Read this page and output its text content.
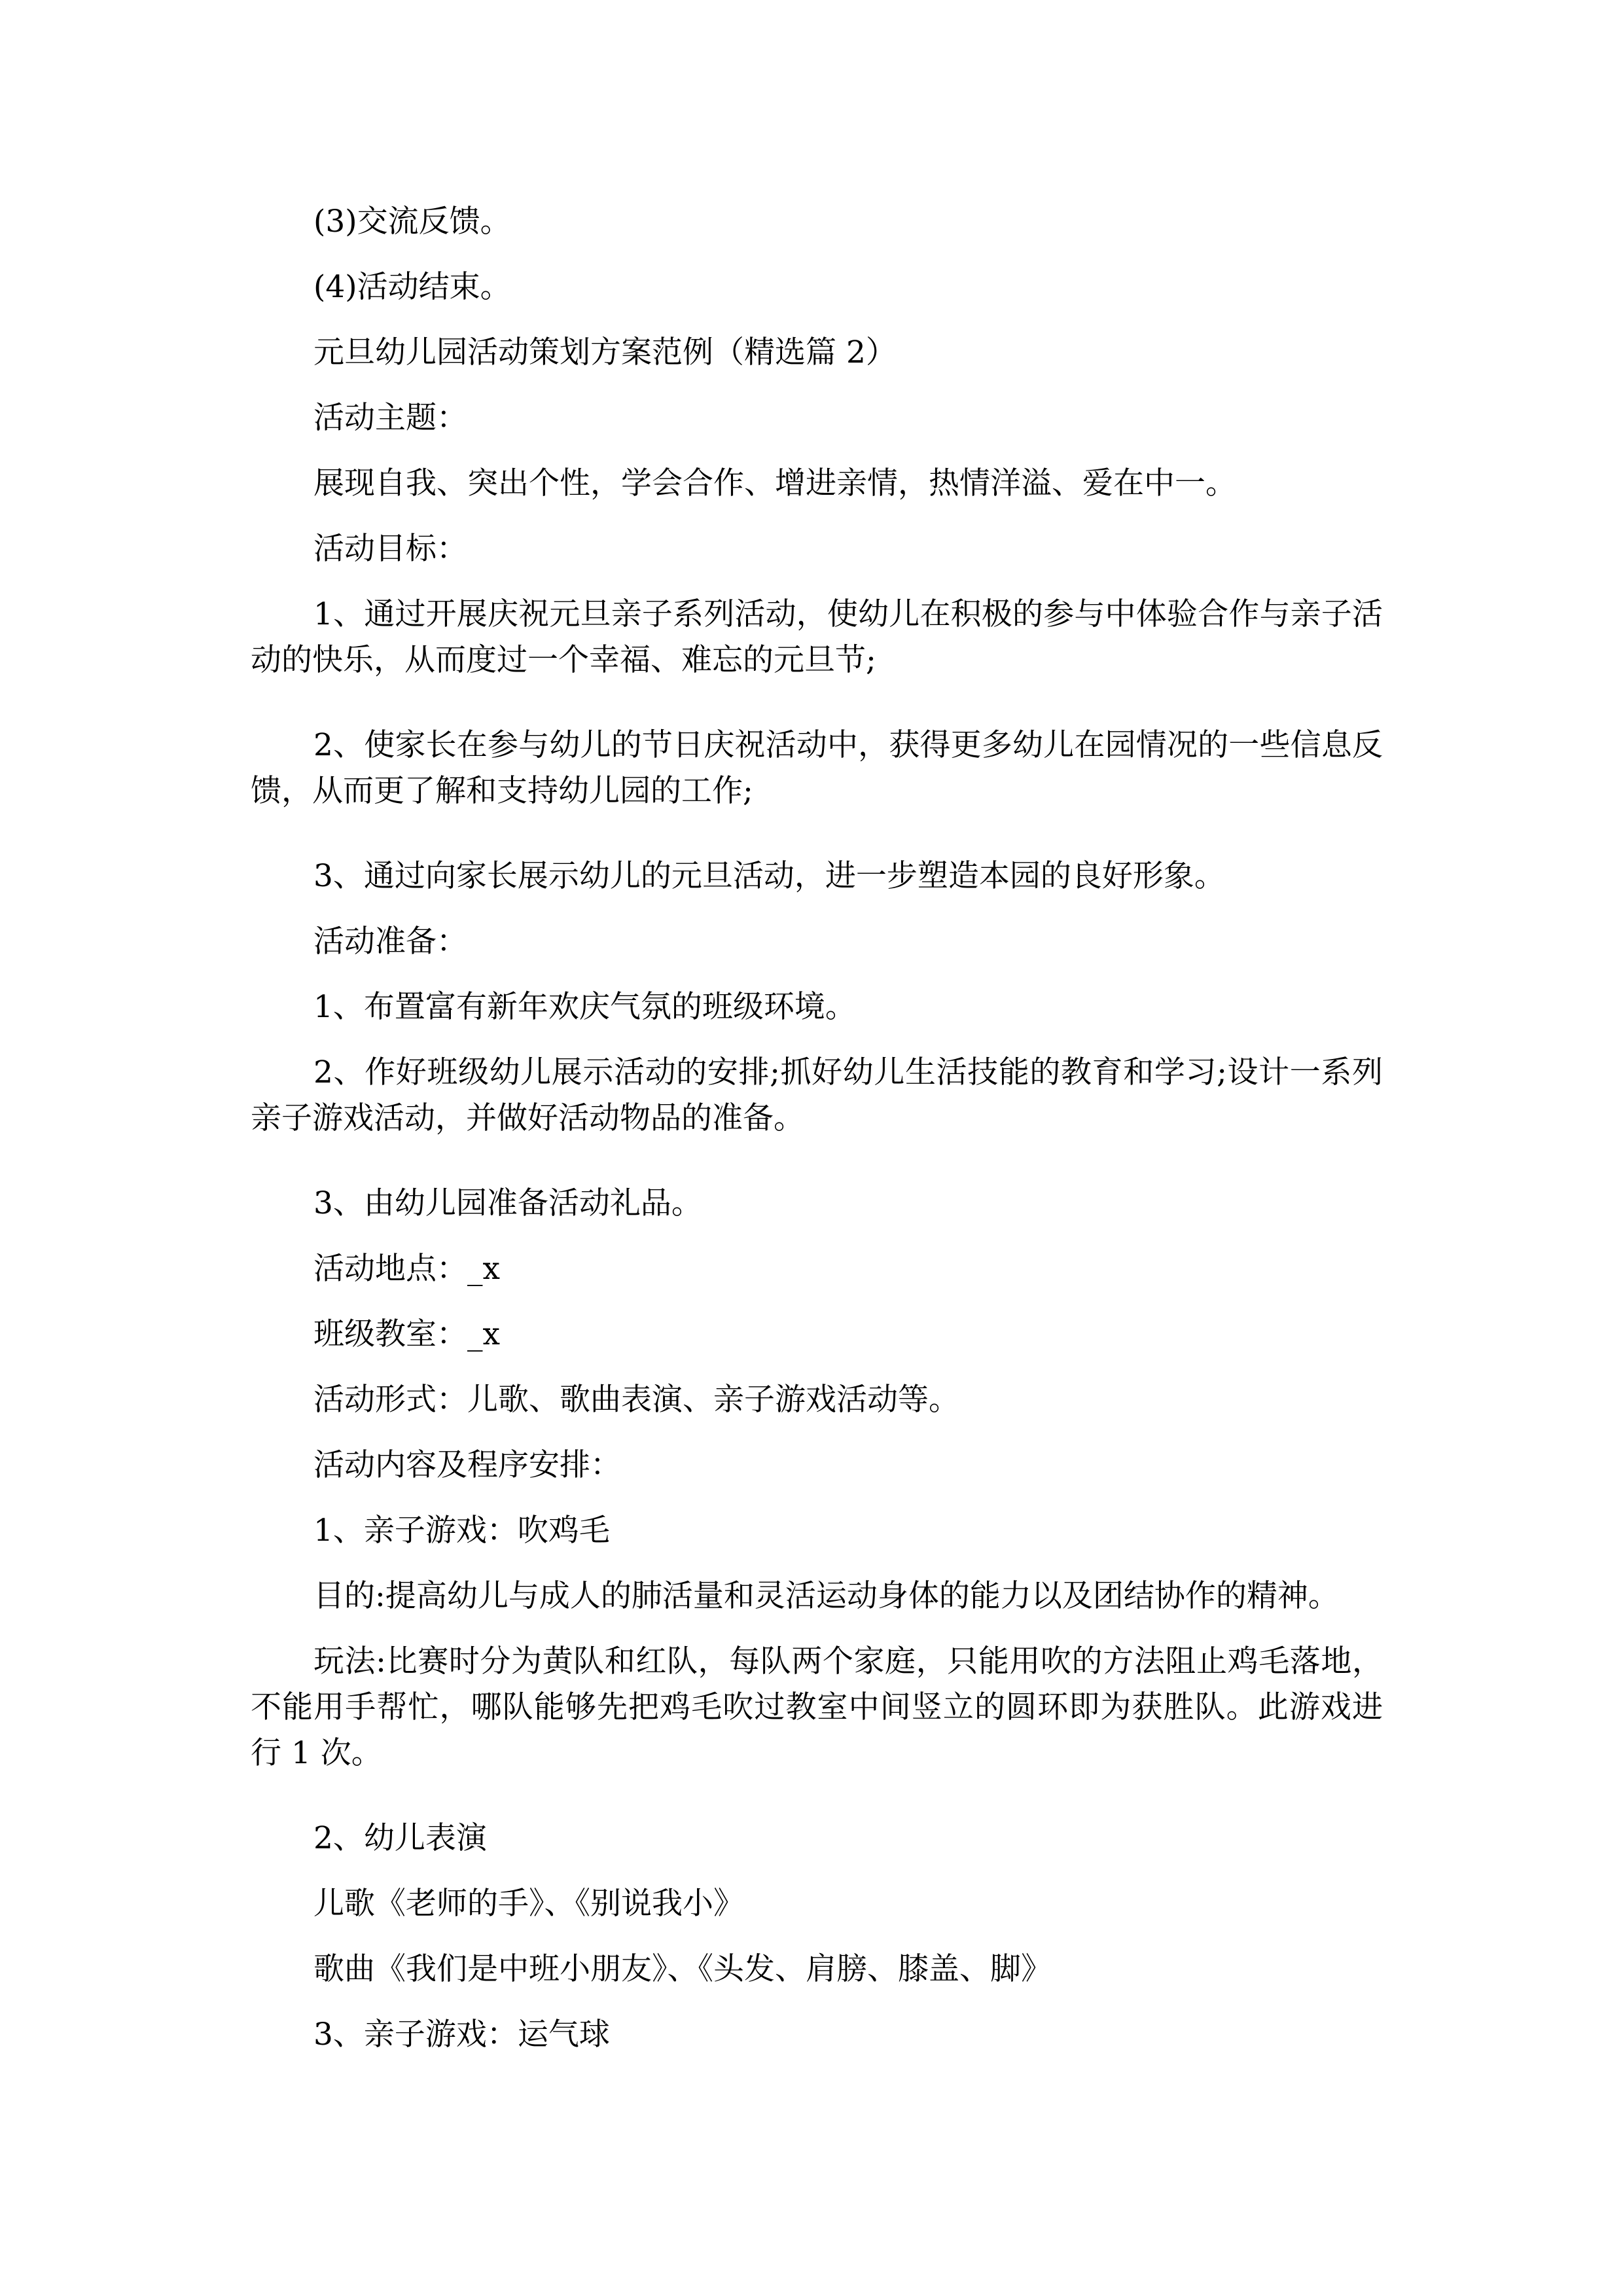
(3)交流反馈。

(4)活动结束。

元旦幼儿园活动策划方案范例（精选篇 2）

活动主题：

展现自我、突出个性，学会合作、增进亲情，热情洋溢、爱在中一。

活动目标：

1、通过开展庆祝元旦亲子系列活动，使幼儿在积极的参与中体验合作与亲子活动的快乐，从而度过一个幸福、难忘的元旦节;

2、使家长在参与幼儿的节日庆祝活动中，获得更多幼儿在园情况的一些信息反馈，从而更了解和支持幼儿园的工作;

3、通过向家长展示幼儿的元旦活动，进一步塑造本园的良好形象。

活动准备：

1、布置富有新年欢庆气氛的班级环境。

2、作好班级幼儿展示活动的安排;抓好幼儿生活技能的教育和学习;设计一系列亲子游戏活动，并做好活动物品的准备。

3、由幼儿园准备活动礼品。

活动地点：_x

班级教室：_x

活动形式：儿歌、歌曲表演、亲子游戏活动等。

活动内容及程序安排：

1、亲子游戏：吹鸡毛

目的:提高幼儿与成人的肺活量和灵活运动身体的能力以及团结协作的精神。

玩法:比赛时分为黄队和红队，每队两个家庭，只能用吹的方法阻止鸡毛落地，不能用手帮忙，哪队能够先把鸡毛吹过教室中间竖立的圆环即为获胜队。此游戏进行 1 次。

2、幼儿表演

儿歌《老师的手》、《别说我小》

歌曲《我们是中班小朋友》、《头发、肩膀、膝盖、脚》

3、亲子游戏：运气球
